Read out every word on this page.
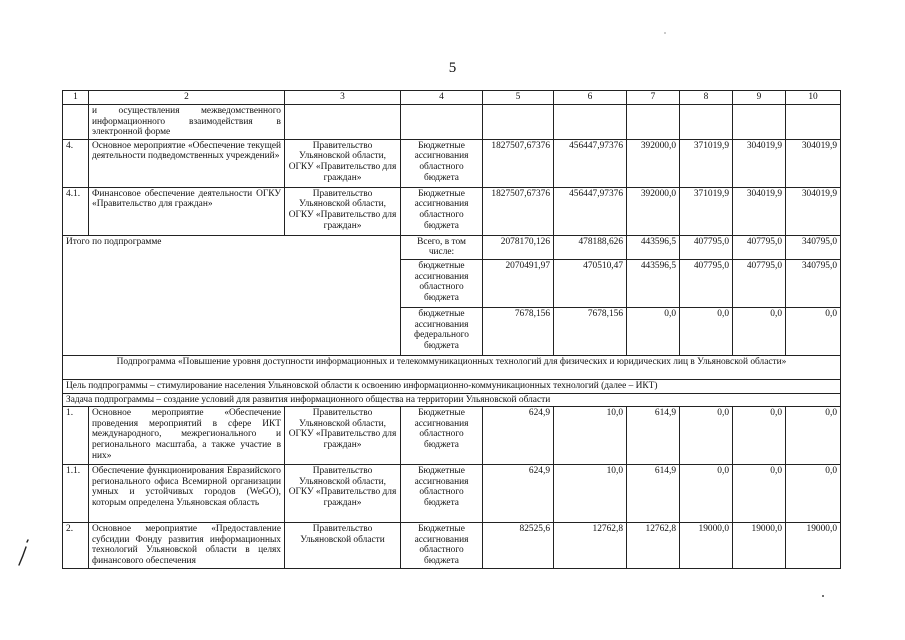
5
1	2	3	4	5	6	7	8	9	10
	и осуществления межведомственного информационного взаимодействия в электронной форме								
4.	Основное мероприятие «Обеспечение текущей деятельности подведомственных учреждений»	Правительство Ульяновской области, ОГКУ «Правительство для граждан»	Бюджетные ассигнования областного бюджета	1827507,67376	456447,97376	392000,0	371019,9	304019,9	304019,9
4.1.	Финансовое обеспечение деятельности ОГКУ «Правительство для граждан»	Правительство Ульяновской области, ОГКУ «Правительство для граждан»	Бюджетные ассигнования областного бюджета	1827507,67376	456447,97376	392000,0	371019,9	304019,9	304019,9
Итого по подпрограмме			Всего, в том числе:	2078170,126	478188,626	443596,5	407795,0	407795,0	340795,0
			бюджетные ассигнования областного бюджета	2070491,97	470510,47	443596,5	407795,0	407795,0	340795,0
			бюджетные ассигнования федерального бюджета	7678,156	7678,156	0,0	0,0	0,0	0,0
Подпрограмма «Повышение уровня доступности информационных и телекоммуникационных технологий для физических и юридических лиц в Ульяновской области»									
Цель подпрограммы – стимулирование населения Ульяновской области к освоению информационно-коммуникационных технологий (далее – ИКТ)									
Задача подпрограммы – создание условий для развития информационного общества на территории Ульяновской области									
1.	Основное мероприятие «Обеспечение проведения мероприятий в сфере ИКТ международного, межрегионального и регионального масштаба, а также участие в них»	Правительство Ульяновской области, ОГКУ «Правительство для граждан»	Бюджетные ассигнования областного бюджета	624,9	10,0	614,9	0,0	0,0	0,0
1.1.	Обеспечение функционирования Евразийского регионального офиса Всемирной организации умных и устойчивых городов (WeGO), которым определена Ульяновская область	Правительство Ульяновской области, ОГКУ «Правительство для граждан»	Бюджетные ассигнования областного бюджета	624,9	10,0	614,9	0,0	0,0	0,0
2.	Основное мероприятие «Предоставление субсидии Фонду развития информационных технологий Ульяновской области в целях финансового обеспечения	Правительство Ульяновской области	Бюджетные ассигнования областного бюджета	82525,6	12762,8	12762,8	19000,0	19000,0	19000,0
